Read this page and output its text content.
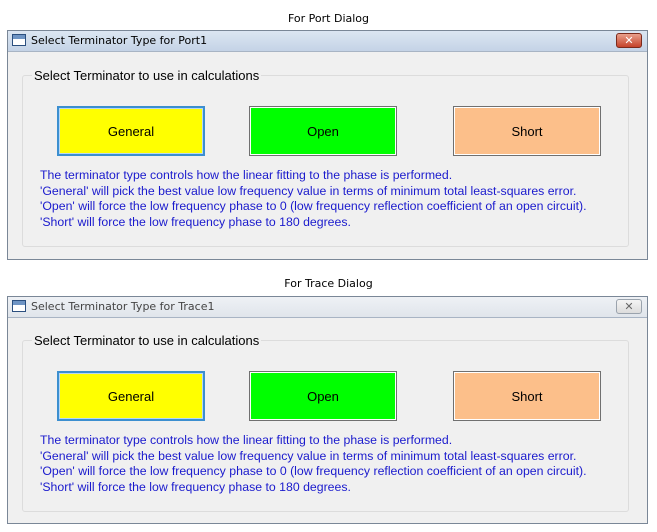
For Port Dialog
Select Terminator Type for Port1	✕
Select Terminator to use in calculations
General	Open	Short
The terminator type controls how the linear fitting to the phase is performed.
'General' will pick the best value low frequency value in terms of minimum total least-squares error.
'Open' will force the low frequency phase to 0 (low frequency reflection coefficient of an open circuit).
'Short' will force the low frequency phase to 180 degrees.
For Trace Dialog
Select Terminator Type for Trace1	✕
Select Terminator to use in calculations
General	Open	Short
The terminator type controls how the linear fitting to the phase is performed.
'General' will pick the best value low frequency value in terms of minimum total least-squares error.
'Open' will force the low frequency phase to 0 (low frequency reflection coefficient of an open circuit).
'Short' will force the low frequency phase to 180 degrees.
